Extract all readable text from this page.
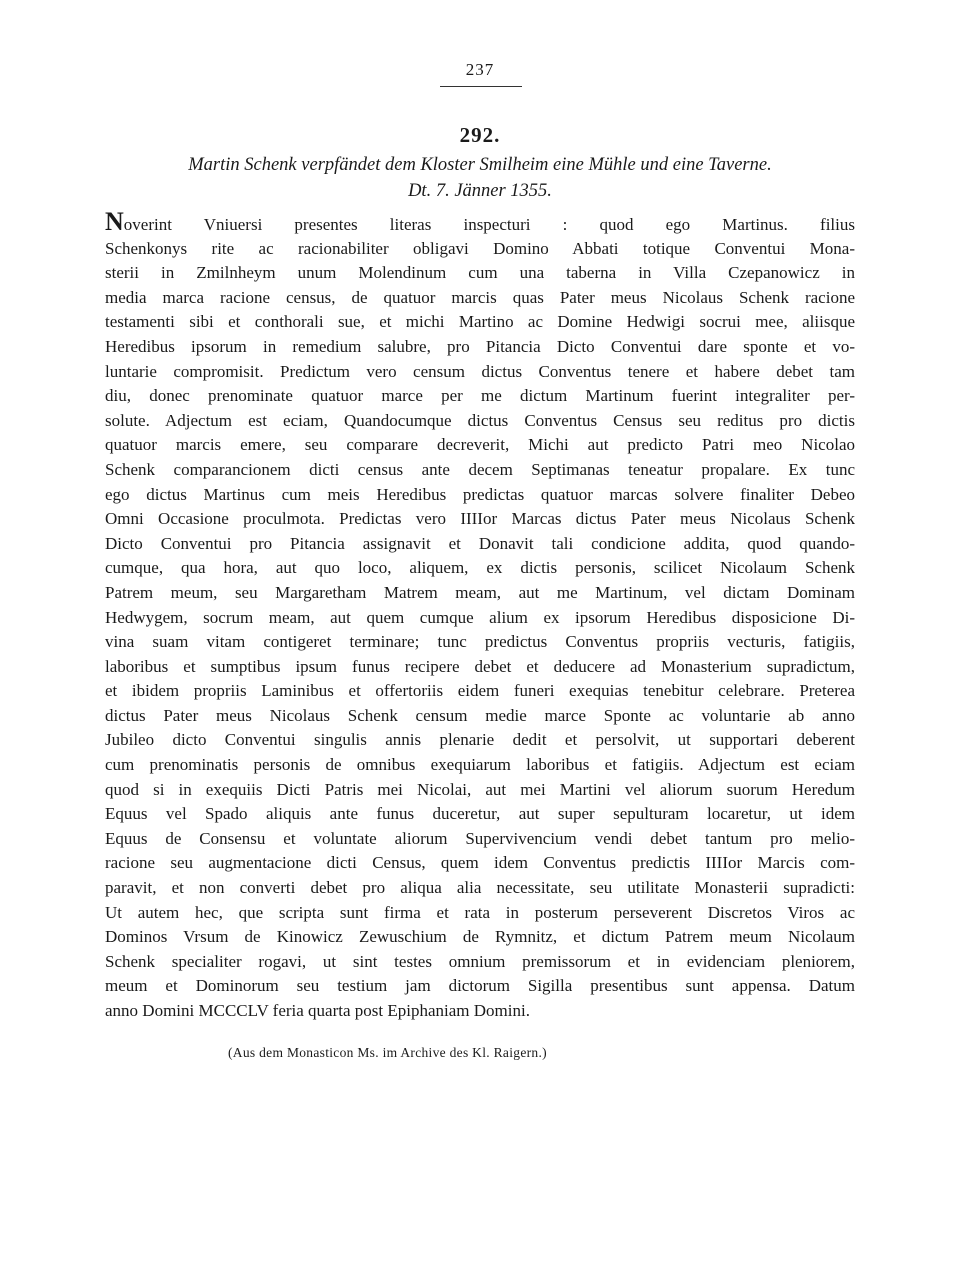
237
292.
Martin Schenk verpfändet dem Kloster Smilheim eine Mühle und eine Taverne.
Dt. 7. Jänner 1355.
Noverint Vniuersi presentes literas inspecturi : quod ego Martinus. filius
Schenkonys rite ac racionabiliter obligavi Domino Abbati totique Conventui Mona-
sterii in Zmilnheym unum Molendinum cum una taberna in Villa Czepanowicz in
media marca racione census, de quatuor marcis quas Pater meus Nicolaus Schenk racione
testamenti sibi et conthorali sue, et michi Martino ac Domine Hedwigi socrui mee, aliisque
Heredibus ipsorum in remedium salubre, pro Pitancia Dicto Conventui dare sponte et vo-
luntarie compromisit. Predictum vero censum dictus Conventus tenere et habere debet tam
diu, donec prenominate quatuor marce per me dictum Martinum fuerint integraliter per-
solute. Adjectum est eciam, Quandocumque dictus Conventus Census seu reditus pro dictis
quatuor marcis emere, seu comparare decreverit, Michi aut predicto Patri meo Nicolao
Schenk comparancionem dicti census ante decem Septimanas teneatur propalare. Ex tunc
ego dictus Martinus cum meis Heredibus predictas quatuor marcas solvere finaliter Debeo
Omni Occasione proculmota. Predictas vero IIIIor Marcas dictus Pater meus Nicolaus Schenk
Dicto Conventui pro Pitancia assignavit et Donavit tali condicione addita, quod quando-
cumque, qua hora, aut quo loco, aliquem, ex dictis personis, scilicet Nicolaum Schenk
Patrem meum, seu Margaretham Matrem meam, aut me Martinum, vel dictam Dominam
Hedwygem, socrum meam, aut quem cumque alium ex ipsorum Heredibus disposicione Di-
vina suam vitam contigeret terminare; tunc predictus Conventus propriis vecturis, fatigiis,
laboribus et sumptibus ipsum funus recipere debet et deducere ad Monasterium supradictum,
et ibidem propriis Laminibus et offertoriis eidem funeri exequias tenebitur celebrare. Preterea
dictus Pater meus Nicolaus Schenk censum medie marce Sponte ac voluntarie ab anno
Jubileo dicto Conventui singulis annis plenarie dedit et persolvit, ut supportari deberent
cum prenominatis personis de omnibus exequiarum laboribus et fatigiis. Adjectum est eciam
quod si in exequiis Dicti Patris mei Nicolai, aut mei Martini vel aliorum suorum Heredum
Equus vel Spado aliquis ante funus duceretur, aut super sepulturam locaretur, ut idem
Equus de Consensu et voluntate aliorum Supervivencium vendi debet tantum pro melio-
racione seu augmentacione dicti Census, quem idem Conventus predictis IIIIor Marcis com-
paravit, et non converti debet pro aliqua alia necessitate, seu utilitate Monasterii supradicti:
Ut autem hec, que scripta sunt firma et rata in posterum perseverent Discretos Viros ac
Dominos Vrsum de Kinowicz Zewuschium de Rymnitz, et dictum Patrem meum Nicolaum
Schenk specialiter rogavi, ut sint testes omnium premissorum et in evidenciam pleniorem,
meum et Dominorum seu testium jam dictorum Sigilla presentibus sunt appensa. Datum
anno Domini MCCCLV feria quarta post Epiphaniam Domini.
(Aus dem Monasticon Ms. im Archive des Kl. Raigern.)
